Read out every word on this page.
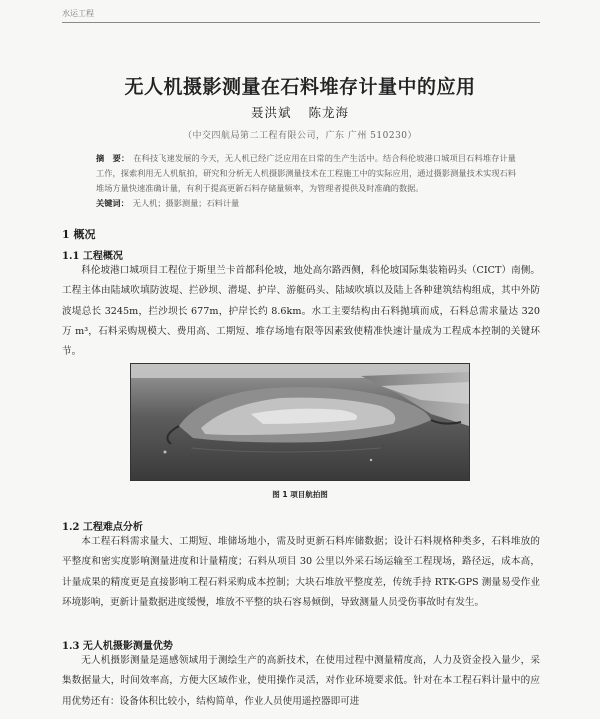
水运工程
无人机摄影测量在石料堆存计量中的应用
聂洪斌 陈龙海
（中交四航局第二工程有限公司，广东 广州 510230）

摘　要： 在科技飞速发展的今天，无人机已经广泛应用在日常的生产生活中。结合科伦坡港口城项目石料堆存计量工作，探索利用无人机航拍，研究和分析无人机摄影测量技术在工程施工中的实际应用，通过摄影测量技术实现石料堆场方量快速准确计量，有利于提高更新石料存储量频率，为管理者提供及时准确的数据。

关键词： 无人机；摄影测量；石料计量

1 概况
1.1 工程概况

科伦坡港口城项目工程位于斯里兰卡首都科伦坡，地处高尔路西侧，科伦坡国际集装箱码头（CICT）南侧。工程主体由陆域吹填防波堤、拦砂坝、潜堤、护岸、游艇码头、陆域吹填以及陆上各种建筑结构组成，其中外防波堤总长 3245m，拦沙坝长 677m，护岸长约 8.6km。水工主要结构由石料抛填而成，石料总需求量达 320 万 m³，石料采购规模大、费用高、工期短、堆存场地有限等因素致使精准快速计量成为工程成本控制的关键环节。

图 1 项目航拍图
1.2 工程难点分析

本工程石料需求量大、工期短、堆储场地小，需及时更新石料库储数据；设计石料规格种类多，石料堆放的平整度和密实度影响测量进度和计量精度；石料从项目 30 公里以外采石场运输至工程现场，路径远，成本高，计量成果的精度更是直接影响工程石料采购成本控制；大块石堆放平整度差，传统手持 RTK-GPS 测量易受作业环境影响，更新计量数据进度缓慢，堆放不平整的块石容易倾倒，导致测量人员受伤事故时有发生。

1.3 无人机摄影测量优势

无人机摄影测量是遥感领域用于测绘生产的高新技术，在使用过程中测量精度高，人力及资金投入量少，采集数据量大，时间效率高，方便大区域作业，使用操作灵活，对作业环境要求低。针对在本工程石料计量中的应用优势还有：设备体积比较小，结构简单，作业人员使用遥控器即可进
